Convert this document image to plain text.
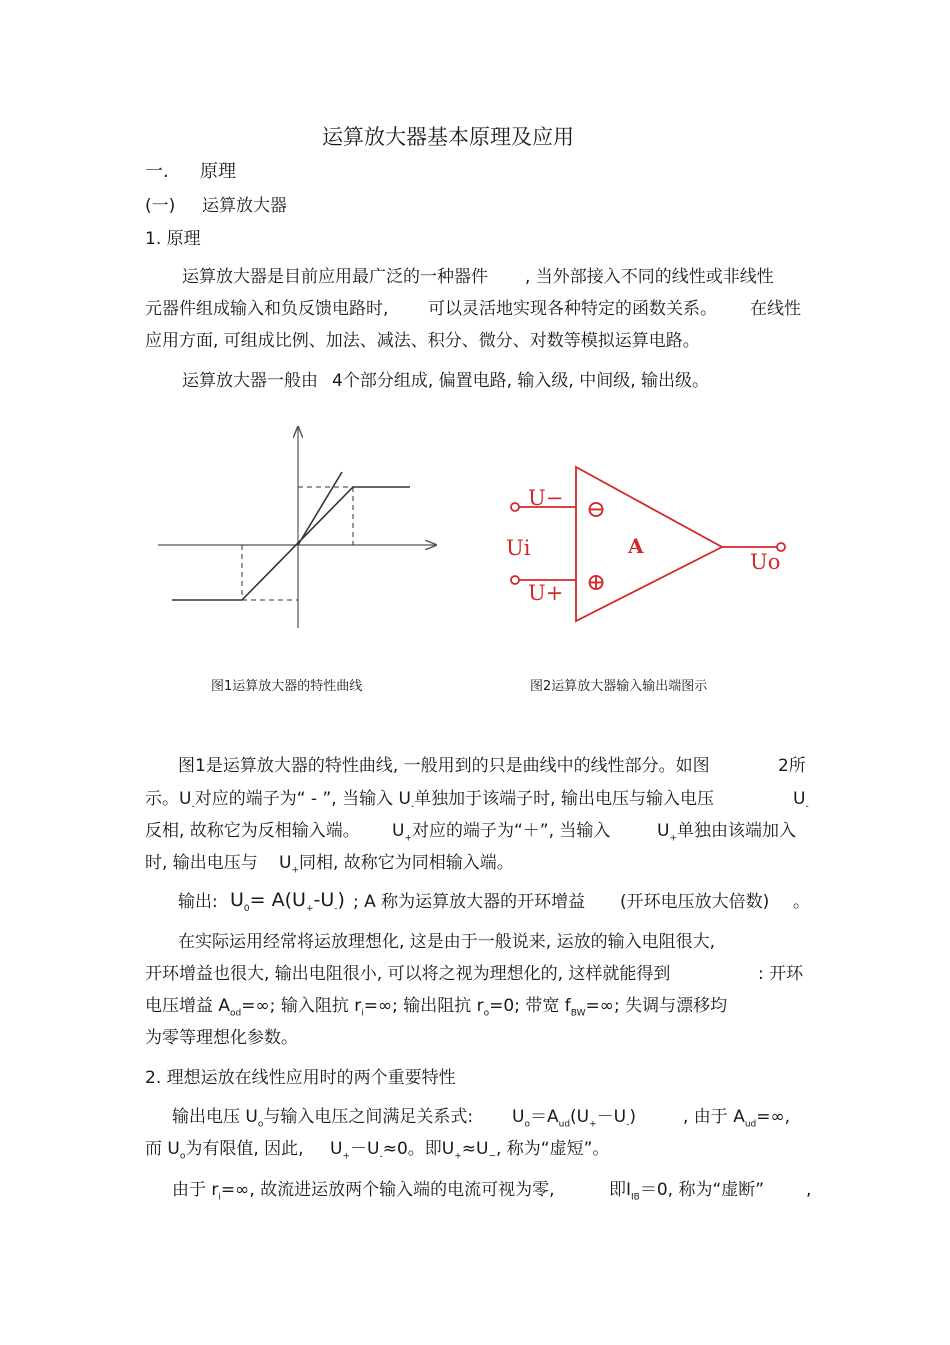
运算放大器基本原理及应用
一. 原理
(一) 运算放大器
1. 原理
运算放大器是目前应用最广泛的一种器件 , 当外部接入不同的线性或非线性
元器件组成输入和负反馈电路时, 可以灵活地实现各种特定的函数关系。 在线性
应用方面, 可组成比例、加法、减法、积分、微分、对数等模拟运算电路。
运算放大器一般由 4个部分组成, 偏置电路, 输入级, 中间级, 输出级。
U−
U+
Ui	A
Uo
⊖
⊕
图1运算放大器的特性曲线	图2运算放大器输入输出端图示
图1是运算放大器的特性曲线, 一般用到的只是曲线中的线性部分。如图	2所
示。$U_-$对应的端子为“ - ”, 当输入 $U_-$单独加于该端子时, 输出电压与输入电压	$U_-$
反相, 故称它为反相输入端。 $U_+$对应的端子为“＋”, 当输入	$U_+$单独由该端加入
时, 输出电压与 $U_+$同相, 故称它为同相输入端。
输出: $U_0= A(U_+-U_-)$ ; A 称为运算放大器的开环增益 (开环电压放大倍数) 。
在实际运用经常将运放理想化, 这是由于一般说来, 运放的输入电阻很大,
开环增益也很大, 输出电阻很小, 可以将之视为理想化的, 这样就能得到	: 开环
电压增益 $A_{od}=\infty$; 输入阻抗 $r_i=\infty$; 输出阻抗 $r_o=0$; 带宽 $f_{BW}=\infty$; 失调与漂移均
为零等理想化参数。
2. 理想运放在线性应用时的两个重要特性
输出电压 $U_o$与输入电压之间满足关系式: $U_o=A_{ud}(U_+-U_-)$	, 由于 $A_{ud}=\infty$,
而 $U_o$为有限值, 因此, $U_+-U_-\approx 0$。即$U_+\approx U_-$, 称为“虚短”。
由于 $r_i=\infty$, 故流进运放两个输入端的电流可视为零,	即$I_{IB}=0$, 称为“虚断” ,
